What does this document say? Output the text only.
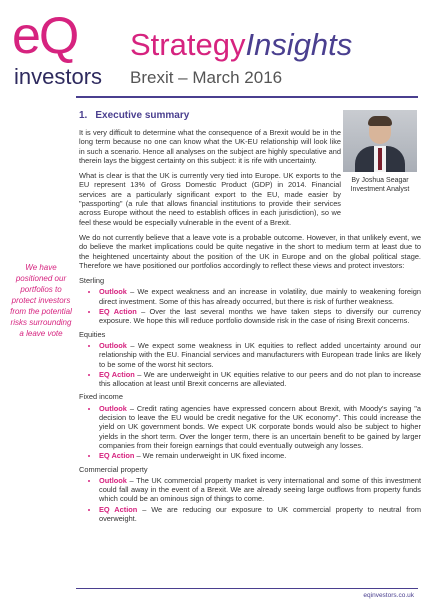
eQ
investors
StrategyInsights
Brexit – March 2016
By Joshua Seagar
Investment Analyst
We have positioned our portfolios to protect investors from the potential risks surrounding a leave vote
1. Executive summary

It is very difficult to determine what the consequence of a Brexit would be in the long term because no one can know what the UK-EU relationship will look like in such a scenario. Hence all analyses on the subject are highly speculative and therein lays the biggest certainty on this subject: it is rife with uncertainty.

What is clear is that the UK is currently very tied into Europe. UK exports to the EU represent 13% of Gross Domestic Product (GDP) in 2014. Financial services are a particularly significant export to the EU, made easier by "passporting" (a rule that allows financial institutions to provide their services across Europe without the need to establish offices in each jurisdiction), so we feel these would be especially vulnerable in the event of a Brexit.

We do not currently believe that a leave vote is a probable outcome. However, in that unlikely event, we do believe the market implications could be quite negative in the short to medium term at least due to the heightened uncertainty about the position of the UK in Europe and on the global political stage. Therefore we have positioned our portfolios accordingly to reflect these views and protect investors:

Sterling
• Outlook – We expect weakness and an increase in volatility, due mainly to weakening foreign direct investment. Some of this has already occurred, but there is risk of further weakness.
• EQ Action – Over the last several months we have taken steps to diversify our currency exposure. We hope this will reduce portfolio downside risk in the case of rising Brexit concerns.
Equities
• Outlook – We expect some weakness in UK equities to reflect added uncertainty around our relationship with the EU. Financial services and manufacturers with European trade links are likely to be some of the worst hit sectors.
• EQ Action – We are underweight in UK equities relative to our peers and do not plan to increase this allocation at least until Brexit concerns are alleviated.
Fixed income
• Outlook – Credit rating agencies have expressed concern about Brexit, with Moody's saying "a decision to leave the EU would be credit negative for the UK economy". This could increase the yield on UK government bonds. We expect UK corporate bonds would also be subject to higher yields in the short term. Over the longer term, there is an uncertain benefit to be gained by larger companies from their foreign earnings that could eventually outweigh any losses.
• EQ Action – We remain underweight in UK fixed income.
Commercial property
• Outlook – The UK commercial property market is very international and some of this investment could fall away in the event of a Brexit. We are already seeing large outflows from property funds which could be an ominous sign of things to come.
• EQ Action – We are reducing our exposure to UK commercial property to neutral from overweight.
eqinvestors.co.uk
